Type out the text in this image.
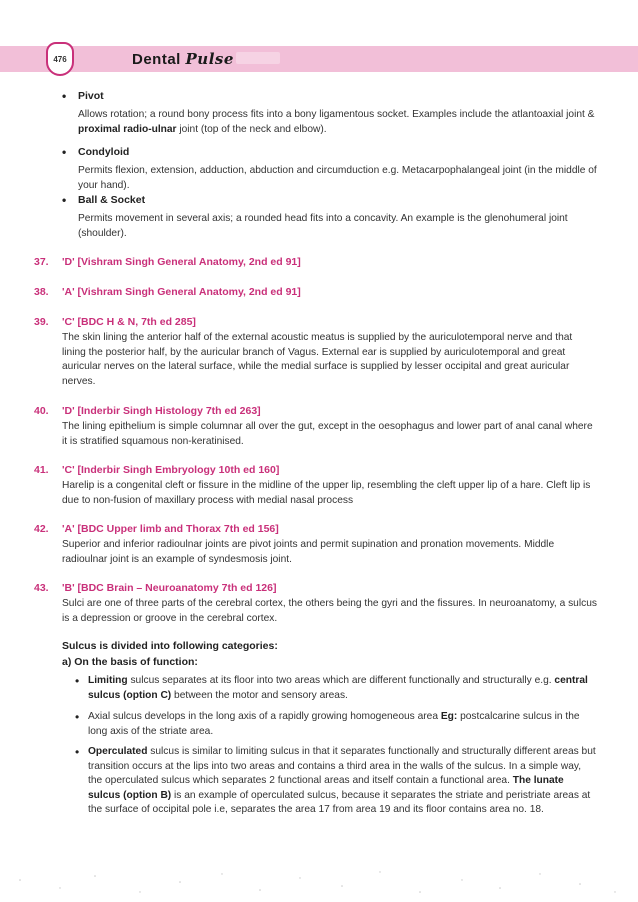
476	Dental Pulse
• Pivot
Allows rotation; a round bony process fits into a bony ligamentous socket. Examples include the atlantoaxial joint & proximal radio-ulnar joint (top of the neck and elbow).
• Condyloid
Permits flexion, extension, adduction, abduction and circumduction e.g. Metacarpophalangeal joint (in the middle of your hand).
• Ball & Socket
Permits movement in several axis; a rounded head fits into a concavity. An example is the glenohumeral joint (shoulder).
37. 'D' [Vishram Singh General Anatomy, 2nd ed 91]
38. 'A' [Vishram Singh General Anatomy, 2nd ed 91]
39. 'C' [BDC H & N, 7th ed 285]
The skin lining the anterior half of the external acoustic meatus is supplied by the auriculotemporal nerve and that lining the posterior half, by the auricular branch of Vagus. External ear is supplied by auriculotemporal and great auricular nerves on the lateral surface, while the medial surface is supplied by lesser occipital and great auricular nerves.
40. 'D' [Inderbir Singh Histology 7th ed 263]
The lining epithelium is simple columnar all over the gut, except in the oesophagus and lower part of anal canal where it is stratified squamous non-keratinised.
41. 'C' [Inderbir Singh Embryology 10th ed 160]
Harelip is a congenital cleft or fissure in the midline of the upper lip, resembling the cleft upper lip of a hare. Cleft lip is due to non-fusion of maxillary process with medial nasal process
42. 'A' [BDC Upper limb and Thorax 7th ed 156]
Superior and inferior radioulnar joints are pivot joints and permit supination and pronation movements. Middle radioulnar joint is an example of syndesmosis joint.
43. 'B' [BDC Brain – Neuroanatomy 7th ed 126]
Sulci are one of three parts of the cerebral cortex, the others being the gyri and the fissures. In neuroanatomy, a sulcus is a depression or groove in the cerebral cortex.
Sulcus is divided into following categories:
a) On the basis of function:
• Limiting sulcus separates at its floor into two areas which are different functionally and structurally e.g. central sulcus (option C) between the motor and sensory areas.
• Axial sulcus develops in the long axis of a rapidly growing homogeneous area Eg: postcalcarine sulcus in the long axis of the striate area.
• Operculated sulcus is similar to limiting sulcus in that it separates functionally and structurally different areas but transition occurs at the lips into two areas and contains a third area in the walls of the sulcus. In a simple way, the operculated sulcus which separates 2 functional areas and itself contain a functional area. The lunate sulcus (option B) is an example of operculated sulcus, because it separates the striate and peristriate areas at the surface of occipital pole i.e, separates the area 17 from area 19 and its floor contains area no. 18.
